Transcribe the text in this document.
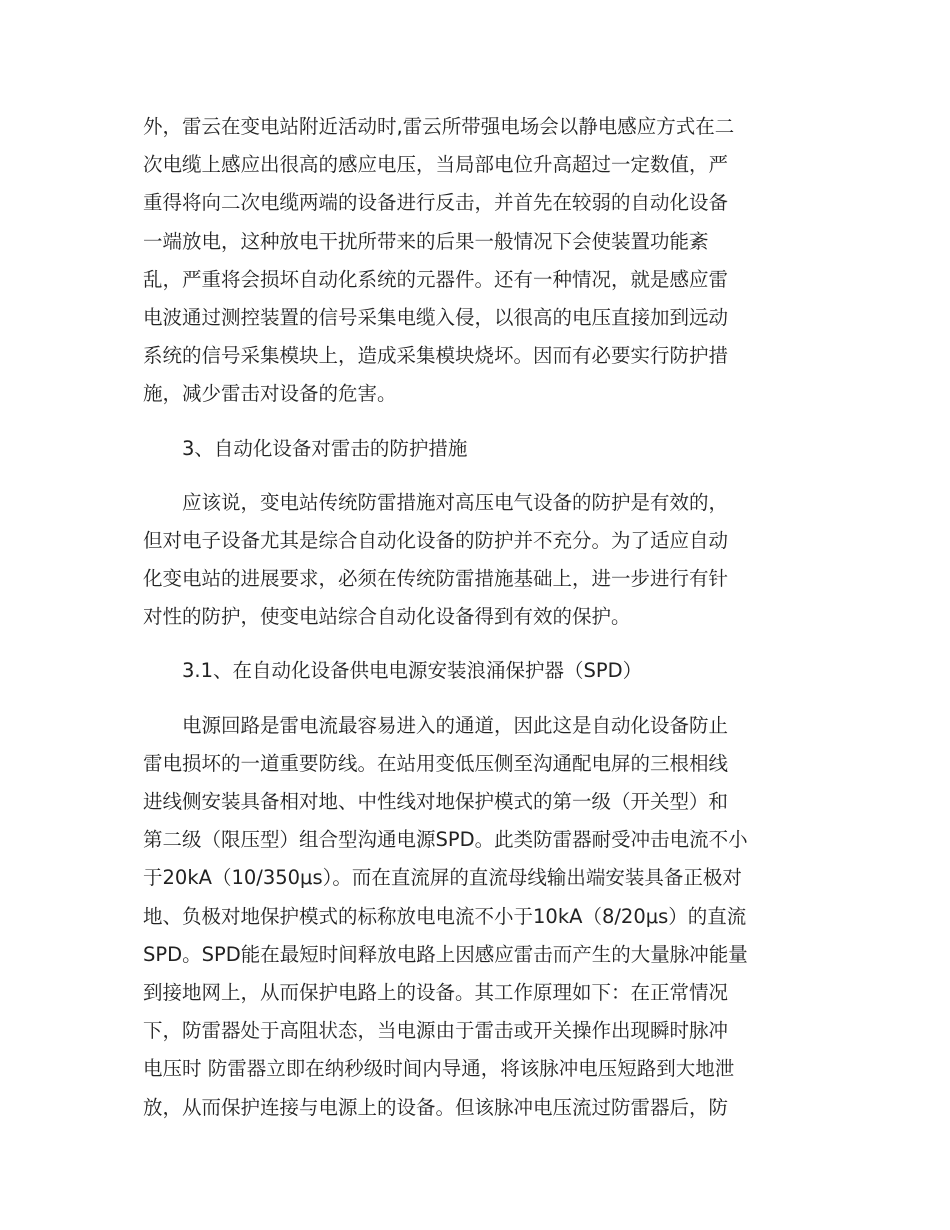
外，雷云在变电站附近活动时,雷云所带强电场会以静电感应方式在二
次电缆上感应出很高的感应电压，当局部电位升高超过一定数值，严
重得将向二次电缆两端的设备进行反击，并首先在较弱的自动化设备
一端放电，这种放电干扰所带来的后果一般情况下会使装置功能紊
乱，严重将会损坏自动化系统的元器件。还有一种情况，就是感应雷
电波通过测控装置的信号采集电缆入侵，以很高的电压直接加到远动
系统的信号采集模块上，造成采集模块烧坏。因而有必要实行防护措
施，减少雷击对设备的危害。
3、自动化设备对雷击的防护措施
应该说，变电站传统防雷措施对高压电气设备的防护是有效的，
但对电子设备尤其是综合自动化设备的防护并不充分。为了适应自动
化变电站的进展要求，必须在传统防雷措施基础上，进一步进行有针
对性的防护，使变电站综合自动化设备得到有效的保护。
3.1、在自动化设备供电电源安装浪涌保护器（SPD）
电源回路是雷电流最容易进入的通道，因此这是自动化设备防止
雷电损坏的一道重要防线。在站用变低压侧至沟通配电屏的三根相线
进线侧安装具备相对地、中性线对地保护模式的第一级（开关型）和
第二级（限压型）组合型沟通电源SPD。此类防雷器耐受冲击电流不小
于20kA（10/350μs）。而在直流屏的直流母线输出端安装具备正极对
地、负极对地保护模式的标称放电电流不小于10kA（8/20μs）的直流
SPD。SPD能在最短时间释放电路上因感应雷击而产生的大量脉冲能量
到接地网上，从而保护电路上的设备。其工作原理如下：在正常情况
下，防雷器处于高阻状态，当电源由于雷击或开关操作出现瞬时脉冲
电压时 防雷器立即在纳秒级时间内导通，将该脉冲电压短路到大地泄
放，从而保护连接与电源上的设备。但该脉冲电压流过防雷器后，防
